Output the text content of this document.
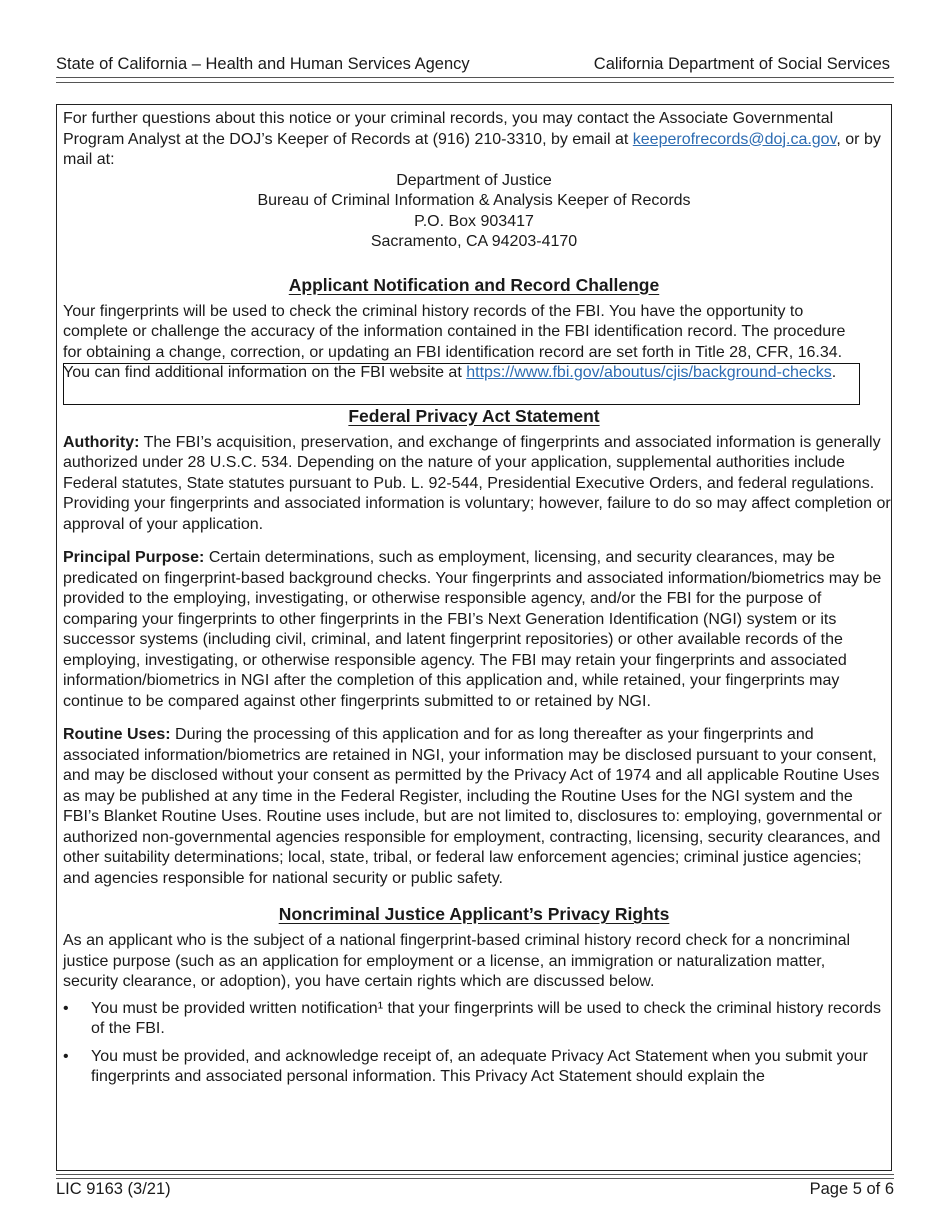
State of California – Health and Human Services Agency	California Department of Social Services

For further questions about this notice or your criminal records, you may contact the Associate Governmental Program Analyst at the DOJ’s Keeper of Records at (916) 210-3310, by email at keeperofrecords@doj.ca.gov, or by mail at:

Department of Justice
Bureau of Criminal Information & Analysis Keeper of Records
P.O. Box 903417
Sacramento, CA 94203-4170
Applicant Notification and Record Challenge

Your fingerprints will be used to check the criminal history records of the FBI. You have the opportunity to complete or challenge the accuracy of the information contained in the FBI identification record. The procedure for obtaining a change, correction, or updating an FBI identification record are set forth in Title 28, CFR, 16.34. You can find additional information on the FBI website at https://www.fbi.gov/aboutus/cjis/background-checks.

Federal Privacy Act Statement

Authority: The FBI’s acquisition, preservation, and exchange of fingerprints and associated information is generally authorized under 28 U.S.C. 534. Depending on the nature of your application, supplemental authorities include Federal statutes, State statutes pursuant to Pub. L. 92-544, Presidential Executive Orders, and federal regulations. Providing your fingerprints and associated information is voluntary; however, failure to do so may affect completion or approval of your application.

Principal Purpose: Certain determinations, such as employment, licensing, and security clearances, may be predicated on fingerprint-based background checks. Your fingerprints and associated information/biometrics may be provided to the employing, investigating, or otherwise responsible agency, and/or the FBI for the purpose of comparing your fingerprints to other fingerprints in the FBI’s Next Generation Identification (NGI) system or its successor systems (including civil, criminal, and latent fingerprint repositories) or other available records of the employing, investigating, or otherwise responsible agency. The FBI may retain your fingerprints and associated information/biometrics in NGI after the completion of this application and, while retained, your fingerprints may continue to be compared against other fingerprints submitted to or retained by NGI.

Routine Uses: During the processing of this application and for as long thereafter as your fingerprints and associated information/biometrics are retained in NGI, your information may be disclosed pursuant to your consent, and may be disclosed without your consent as permitted by the Privacy Act of 1974 and all applicable Routine Uses as may be published at any time in the Federal Register, including the Routine Uses for the NGI system and the FBI’s Blanket Routine Uses. Routine uses include, but are not limited to, disclosures to: employing, governmental or authorized non-governmental agencies responsible for employment, contracting, licensing, security clearances, and other suitability determinations; local, state, tribal, or federal law enforcement agencies; criminal justice agencies; and agencies responsible for national security or public safety.

Noncriminal Justice Applicant’s Privacy Rights

As an applicant who is the subject of a national fingerprint-based criminal history record check for a noncriminal justice purpose (such as an application for employment or a license, an immigration or naturalization matter, security clearance, or adoption), you have certain rights which are discussed below.

• You must be provided written notification¹ that your fingerprints will be used to check the criminal history records of the FBI.
• You must be provided, and acknowledge receipt of, an adequate Privacy Act Statement when you submit your fingerprints and associated personal information. This Privacy Act Statement should explain the
LIC 9163 (3/21)	Page 5 of 6
